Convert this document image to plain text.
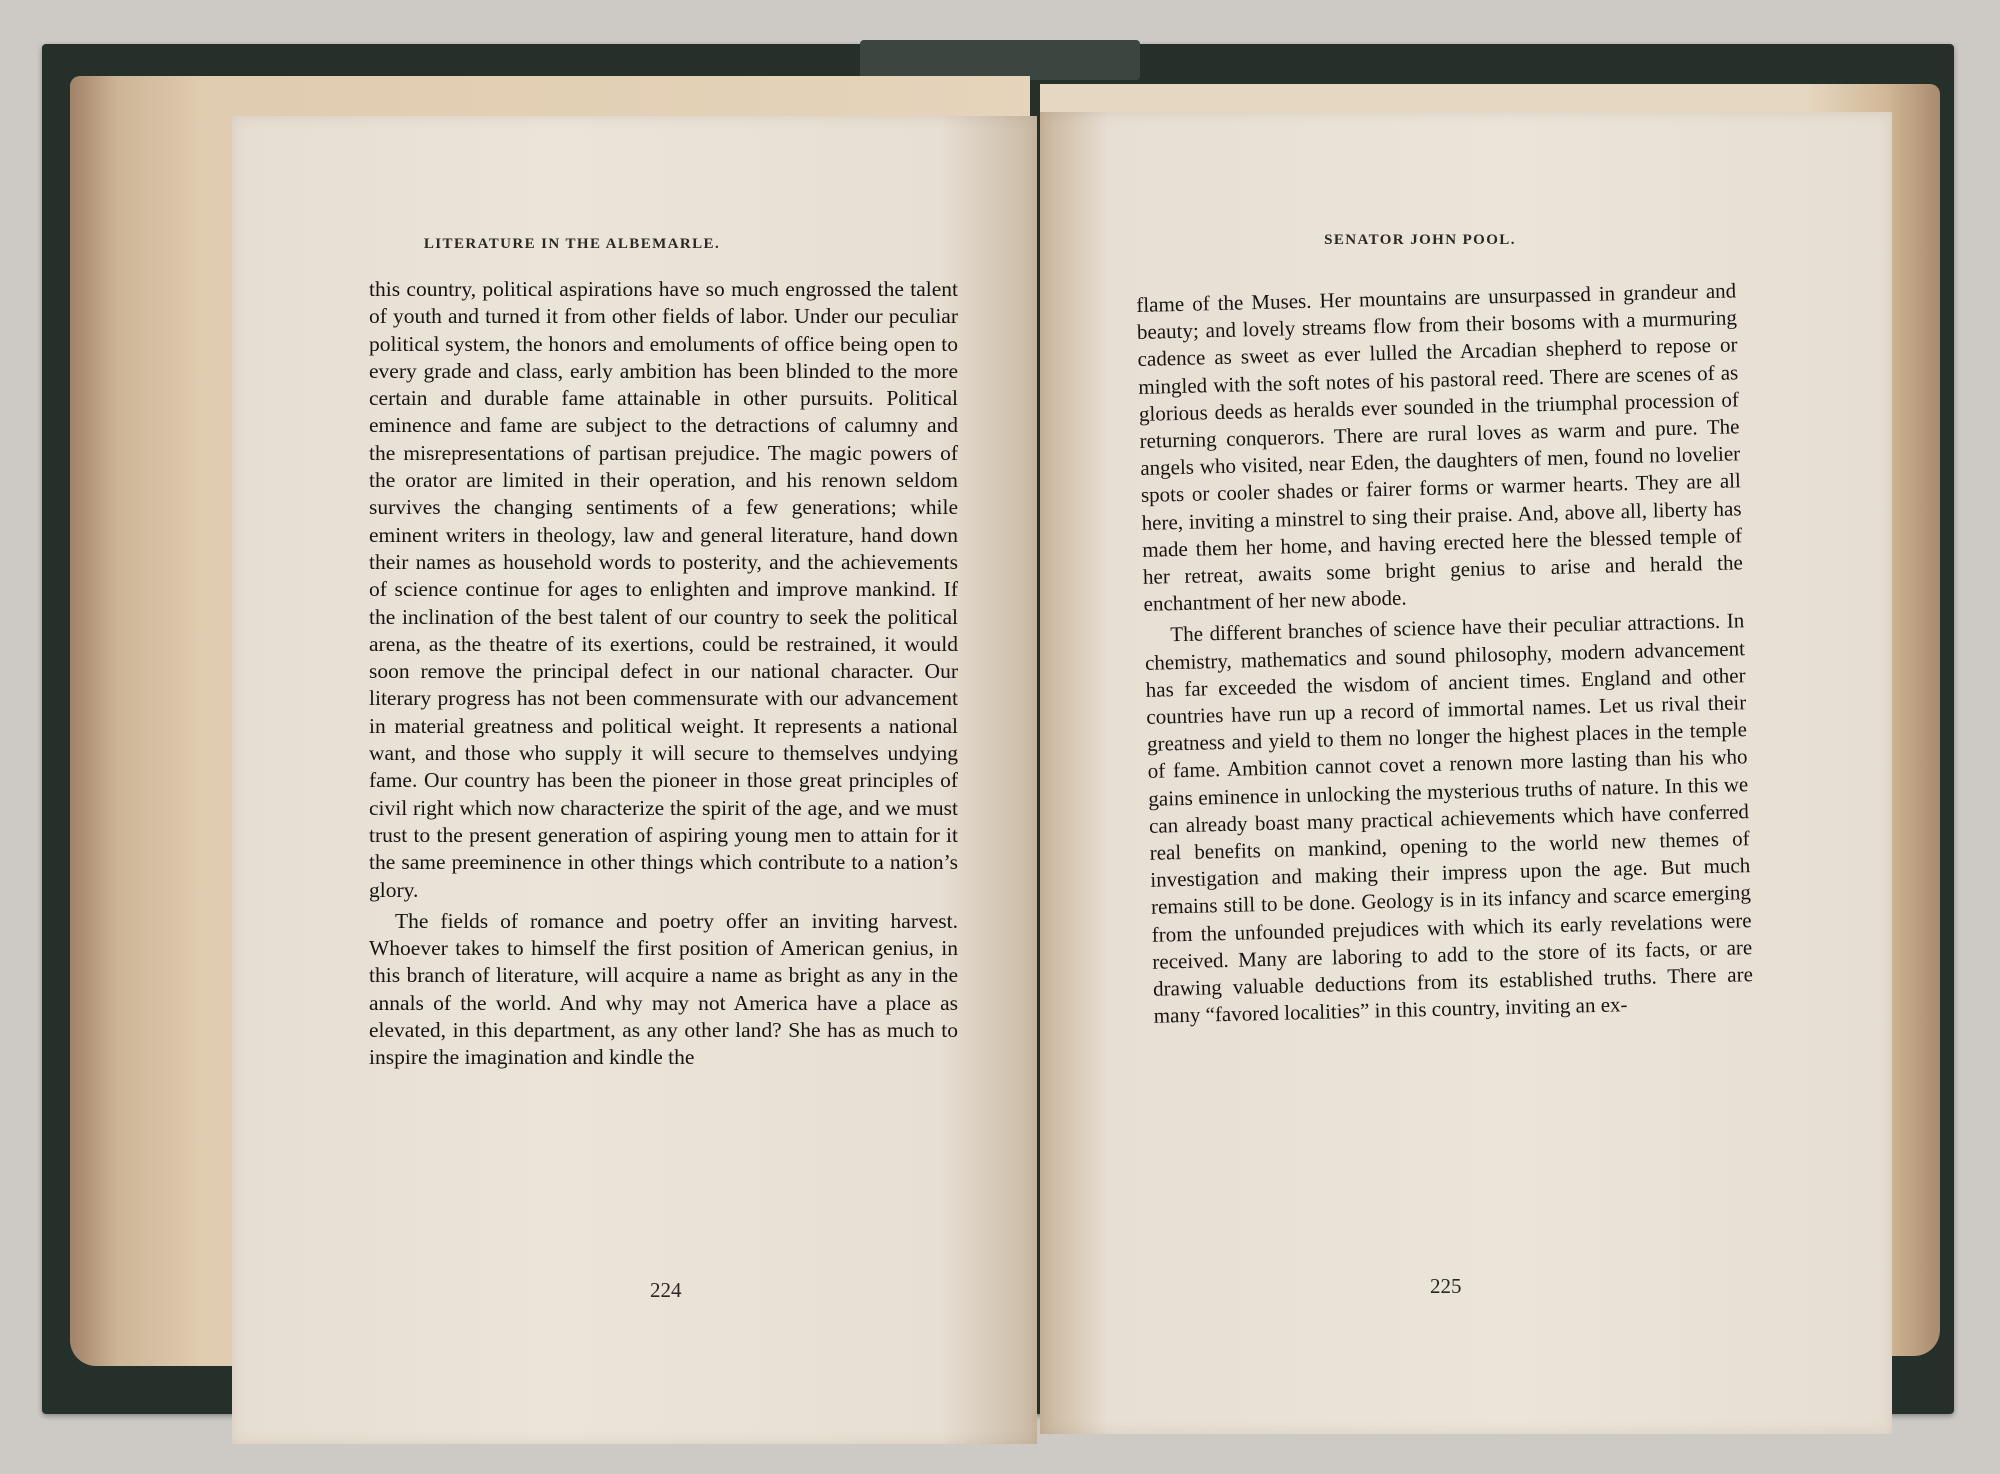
LITERATURE IN THE ALBEMARLE.

this country, political aspirations have so much engrossed the talent of youth and turned it from other fields of labor. Under our peculiar political system, the honors and emoluments of office being open to every grade and class, early ambition has been blinded to the more certain and durable fame attainable in other pursuits. Political eminence and fame are subject to the detractions of calumny and the misrepresentations of partisan prejudice. The magic powers of the orator are limited in their operation, and his renown seldom survives the changing sentiments of a few generations; while eminent writers in theology, law and general literature, hand down their names as household words to posterity, and the achievements of science continue for ages to enlighten and improve mankind. If the inclination of the best talent of our country to seek the political arena, as the theatre of its exertions, could be restrained, it would soon remove the principal defect in our national character. Our literary progress has not been commensurate with our advancement in material greatness and political weight. It represents a national want, and those who supply it will secure to themselves undying fame. Our country has been the pioneer in those great principles of civil right which now characterize the spirit of the age, and we must trust to the present generation of aspiring young men to attain for it the same preeminence in other things which contribute to a nation’s glory.

The fields of romance and poetry offer an inviting harvest. Whoever takes to himself the first position of American genius, in this branch of literature, will acquire a name as bright as any in the annals of the world. And why may not America have a place as elevated, in this department, as any other land? She has as much to inspire the imagination and kindle the

224
SENATOR JOHN POOL.

flame of the Muses. Her mountains are unsurpassed in grandeur and beauty; and lovely streams flow from their bosoms with a murmuring cadence as sweet as ever lulled the Arcadian shepherd to repose or mingled with the soft notes of his pastoral reed. There are scenes of as glorious deeds as heralds ever sounded in the triumphal procession of returning conquerors. There are rural loves as warm and pure. The angels who visited, near Eden, the daughters of men, found no lovelier spots or cooler shades or fairer forms or warmer hearts. They are all here, inviting a minstrel to sing their praise. And, above all, liberty has made them her home, and having erected here the blessed temple of her retreat, awaits some bright genius to arise and herald the enchantment of her new abode.

The different branches of science have their peculiar attractions. In chemistry, mathematics and sound philosophy, modern advancement has far exceeded the wisdom of ancient times. England and other countries have run up a record of immortal names. Let us rival their greatness and yield to them no longer the highest places in the temple of fame. Ambition cannot covet a renown more lasting than his who gains eminence in unlocking the mysterious truths of nature. In this we can already boast many practical achievements which have conferred real benefits on mankind, opening to the world new themes of investigation and making their impress upon the age. But much remains still to be done. Geology is in its infancy and scarce emerging from the unfounded prejudices with which its early revelations were received. Many are laboring to add to the store of its facts, or are drawing valuable deductions from its established truths. There are many “favored localities” in this country, inviting an ex-

225
